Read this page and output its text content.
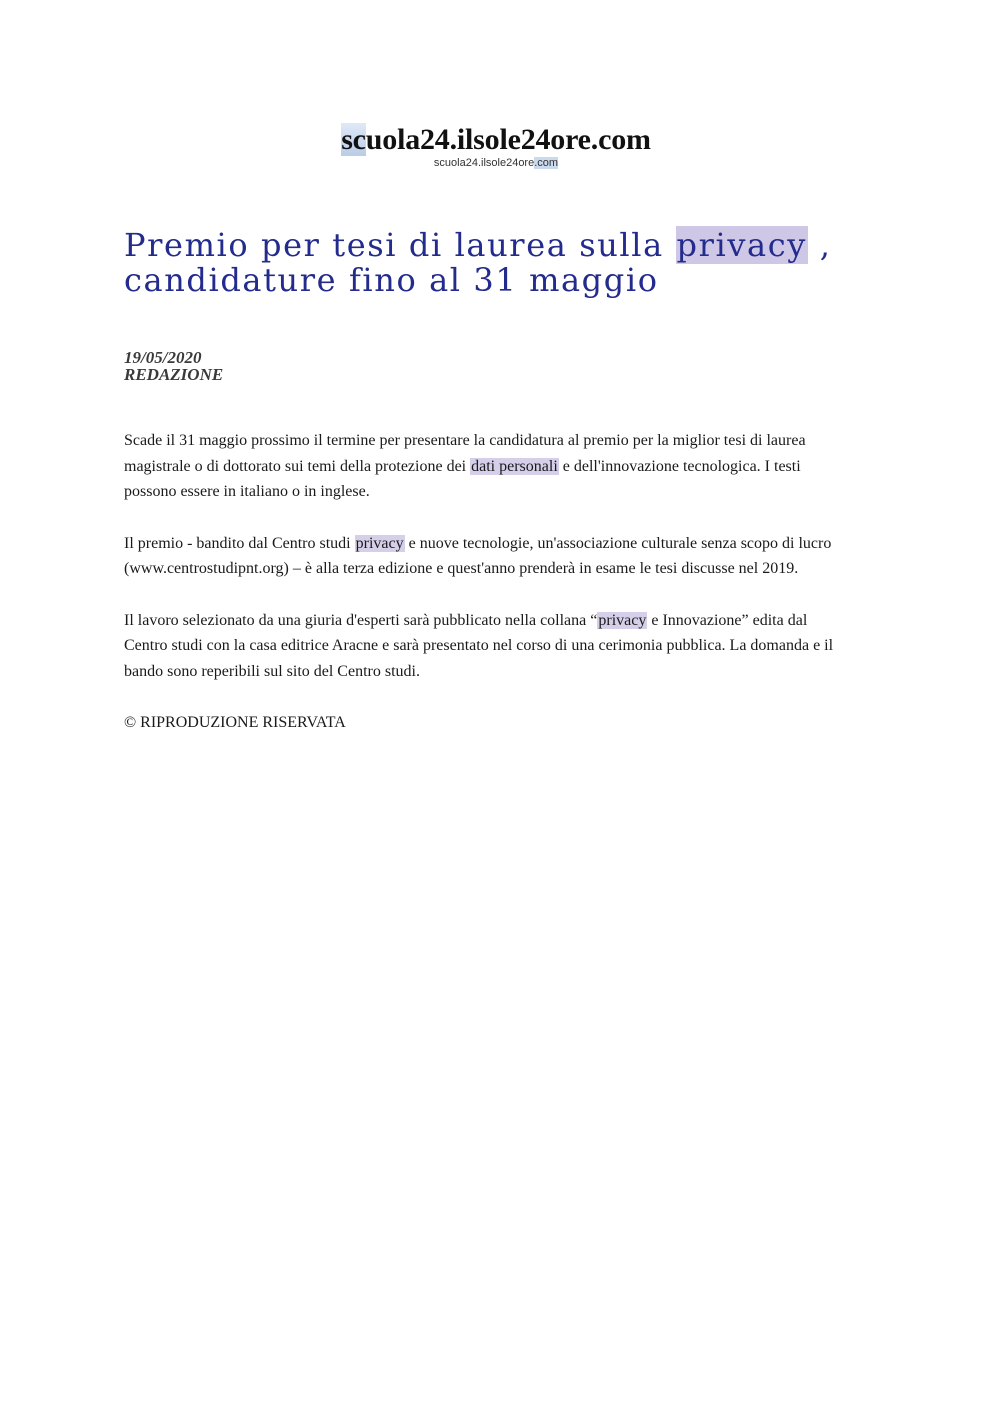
scuola24.ilsole24ore.com
scuola24.ilsole24ore.com
Premio per tesi di laurea sulla privacy , candidature fino al 31 maggio
19/05/2020
REDAZIONE

Scade il 31 maggio prossimo il termine per presentare la candidatura al premio per la miglior tesi di laurea magistrale o di dottorato sui temi della protezione dei dati personali e dell'innovazione tecnologica. I testi possono essere in italiano o in inglese.

Il premio - bandito dal Centro studi privacy e nuove tecnologie, un'associazione culturale senza scopo di lucro (www.centrostudipnt.org) – è alla terza edizione e quest'anno prenderà in esame le tesi discusse nel 2019.

Il lavoro selezionato da una giuria d'esperti sarà pubblicato nella collana “privacy e Innovazione” edita dal Centro studi con la casa editrice Aracne e sarà presentato nel corso di una cerimonia pubblica. La domanda e il bando sono reperibili sul sito del Centro studi.

© RIPRODUZIONE RISERVATA
